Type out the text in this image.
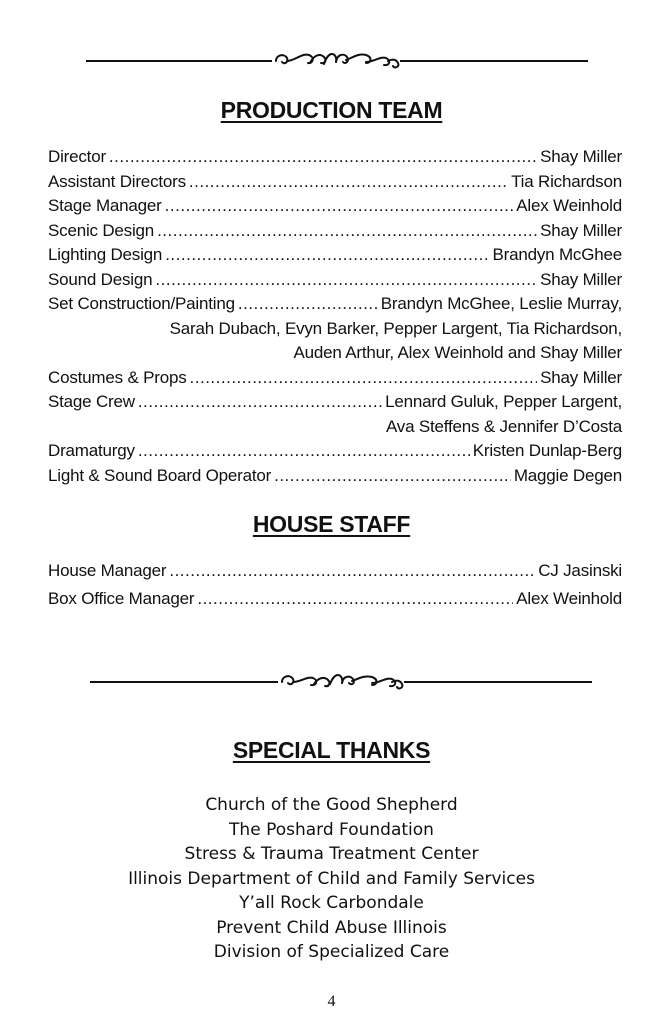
PRODUCTION TEAM
Director .....	Shay Miller
Assistant Directors .....	Tia Richardson
Stage Manager .....	Alex Weinhold
Scenic Design .....	Shay Miller
Lighting Design .....	Brandyn McGhee
Sound Design .....	Shay Miller
Set Construction/Painting .....	Brandyn McGhee, Leslie Murray,
Sarah Dubach, Evyn Barker, Pepper Largent, Tia Richardson,
Auden Arthur, Alex Weinhold and Shay Miller
Costumes & Props .....	Shay Miller
Stage Crew .....	Lennard Guluk, Pepper Largent,
Ava Steffens & Jennifer D’Costa
Dramaturgy .....	Kristen Dunlap-Berg
Light & Sound Board Operator .....	Maggie Degen
HOUSE STAFF
House Manager .....	CJ Jasinski
Box Office Manager .....	Alex Weinhold
SPECIAL THANKS
Church of the Good Shepherd
The Poshard Foundation
Stress & Trauma Treatment Center
Illinois Department of Child and Family Services
Y’all Rock Carbondale
Prevent Child Abuse Illinois
Division of Specialized Care
4
